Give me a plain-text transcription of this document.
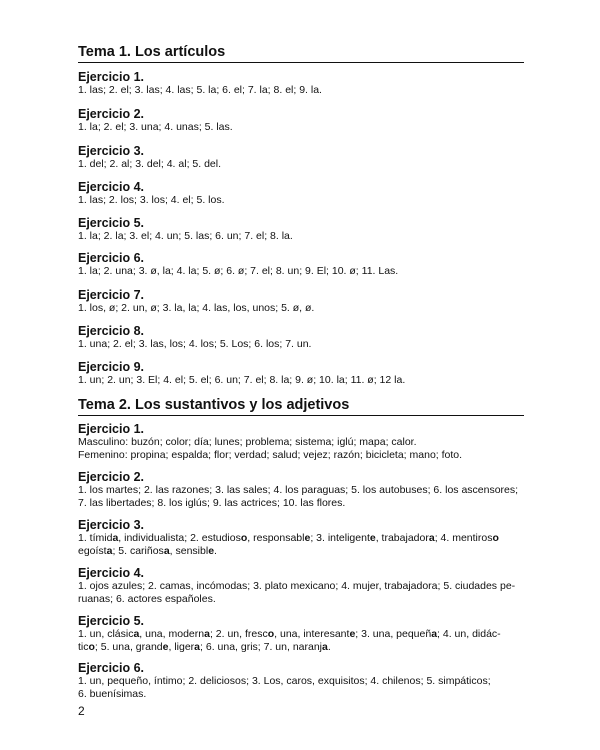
Tema 1. Los artículos

Ejercicio 1.

1. las; 2. el; 3. las; 4. las; 5. la; 6. el; 7. la; 8. el; 9. la.

Ejercicio 2.

1. la; 2. el; 3. una; 4. unas; 5. las.

Ejercicio 3.

1. del; 2. al; 3. del; 4. al; 5. del.

Ejercicio 4.

1. las; 2. los; 3. los; 4. el; 5. los.

Ejercicio 5.

1. la; 2. la; 3. el; 4. un; 5. las; 6. un; 7. el; 8. la.

Ejercicio 6.

1. la; 2. una; 3. ø, la; 4. la; 5. ø; 6. ø; 7. el; 8. un; 9. El; 10. ø; 11. Las.

Ejercicio 7.

1. los, ø; 2. un, ø; 3. la, la; 4. las, los, unos; 5. ø, ø.

Ejercicio 8.

1. una; 2. el; 3. las, los; 4. los; 5. Los; 6. los; 7. un.

Ejercicio 9.

1. un; 2. un; 3. El; 4. el; 5. el; 6. un; 7. el; 8. la; 9. ø; 10. la; 11. ø; 12 la.

Tema 2. Los sustantivos y los adjetivos

Ejercicio 1.

Masculino: buzón; color; día; lunes; problema; sistema; iglú; mapa; calor.

Femenino: propina; espalda; flor; verdad; salud; vejez; razón; bicicleta; mano; foto.

Ejercicio 2.

1. los martes; 2. las razones; 3. las sales; 4. los paraguas; 5. los autobuses; 6. los ascensores;

7. las libertades; 8. los iglús; 9. las actrices; 10. las flores.

Ejercicio 3.

1. tímida, individualista; 2. estudioso, responsable; 3. inteligente, trabajadora; 4. mentiroso

egoísta; 5. cariñosa, sensible.

Ejercicio 4.

1. ojos azules; 2. camas, incómodas; 3. plato mexicano; 4. mujer, trabajadora; 5. ciudades pe-

ruanas; 6. actores españoles.

Ejercicio 5.

1. un, clásica, una, moderna; 2. un, fresco, una, interesante; 3. una, pequeña; 4. un, didác-

tico; 5. una, grande, ligera; 6. una, gris; 7. un, naranja.

Ejercicio 6.

1. un, pequeño, íntimo; 2. deliciosos; 3. Los, caros, exquisitos; 4. chilenos; 5. simpáticos;

6. buenísimas.

2
